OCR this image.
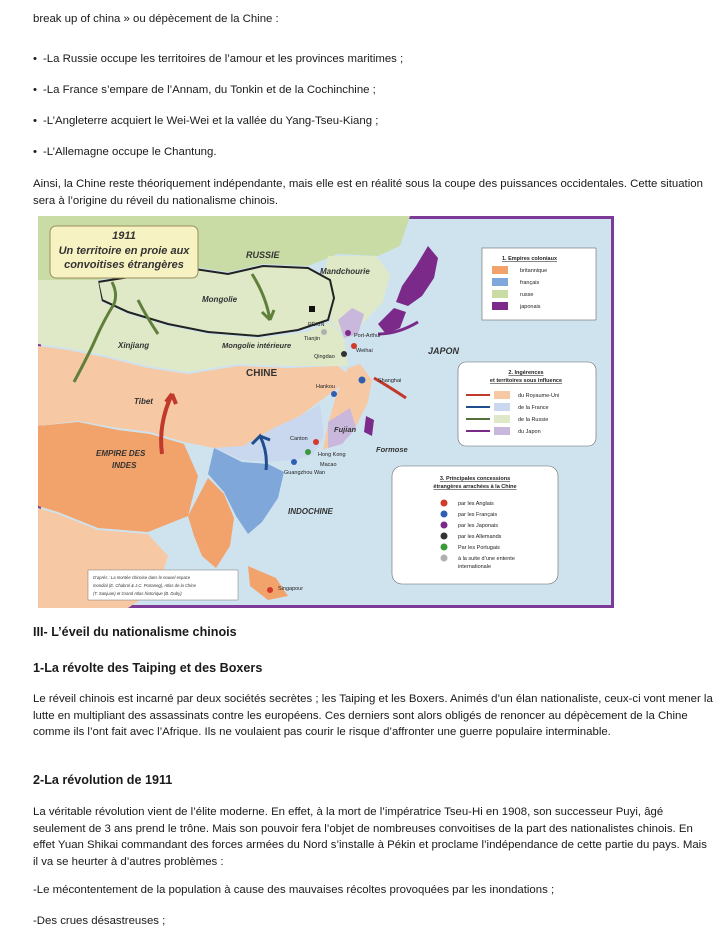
break up of china » ou dépècement de la Chine :
• -La Russie occupe les territoires de l’amour et les provinces maritimes ;
• -La France s’empare de l’Annam, du Tonkin et de la Cochinchine ;
• -L’Angleterre acquiert le Wei-Wei et la vallée du Yang-Tseu-Kiang ;
• -L’Allemagne occupe le Chantung.
Ainsi, la Chine reste théoriquement indépendante, mais elle est en réalité sous la coupe des puissances occidentales. Cette situation sera à l’origine du réveil du nationalisme chinois.
1911
Un territoire en proie aux
convoitises étrangères
RUSSIE
Mandchourie
Mongolie
Xinjiang	Mongolie intérieure
CHINE
Tibet
JAPON
EMPIRE DES
INDES
INDOCHINE
Formose
Fujian
PÉKIN
Tianjin	Port-Arthur
Weihai
Qingdao
Shanghai
Hankou
Canton
Hong Kong
Macao
Guangzhou Wan
Singapour
1. Empires coloniaux
britannique
français
russe
japonais
2. Ingérences
et territoires sous influence
du Royaume-Uni
de la France
de la Russie
du Japon
3. Principales concessions
étrangères arrachées à la Chine
par les Anglais
par les Français
par les Japonais
par les Allemands
Par les Portugais
à la suite d’une entente
internationale
D’après : La montée chinoise dans le nouvel espace
mondial (E. Chabrol & J.C. Portaneg), Atlas de la Chine
(T. Sanjuan) et Grand Atlas historique (B. Duby)
III- L’éveil du nationalisme chinois
1-La révolte des Taiping et des Boxers
Le réveil chinois est incarné par deux sociétés secrètes ; les Taiping et les Boxers. Animés d’un élan nationaliste, ceux-ci vont mener la lutte en multipliant des assassinats contre les européens. Ces derniers sont alors obligés de renoncer au dépècement de la Chine comme ils l’ont fait avec l’Afrique. Ils ne voulaient pas courir le risque d’affronter une guerre populaire interminable.
2-La révolution de 1911
La véritable révolution vient de l’élite moderne. En effet, à la mort de l’impératrice Tseu-Hi en 1908, son successeur Puyi, âgé seulement de 3 ans prend le trône. Mais son pouvoir fera l’objet de nombreuses convoitises de la part des nationalistes chinois. En effet Yuan Shikai commandant des forces armées du Nord s’installe à Pékin et proclame l’indépendance de cette partie du pays. Mais il va se heurter à d’autres problèmes :
-Le mécontentement de la population à cause des mauvaises récoltes provoquées par les inondations ;
-Des crues désastreuses ;
